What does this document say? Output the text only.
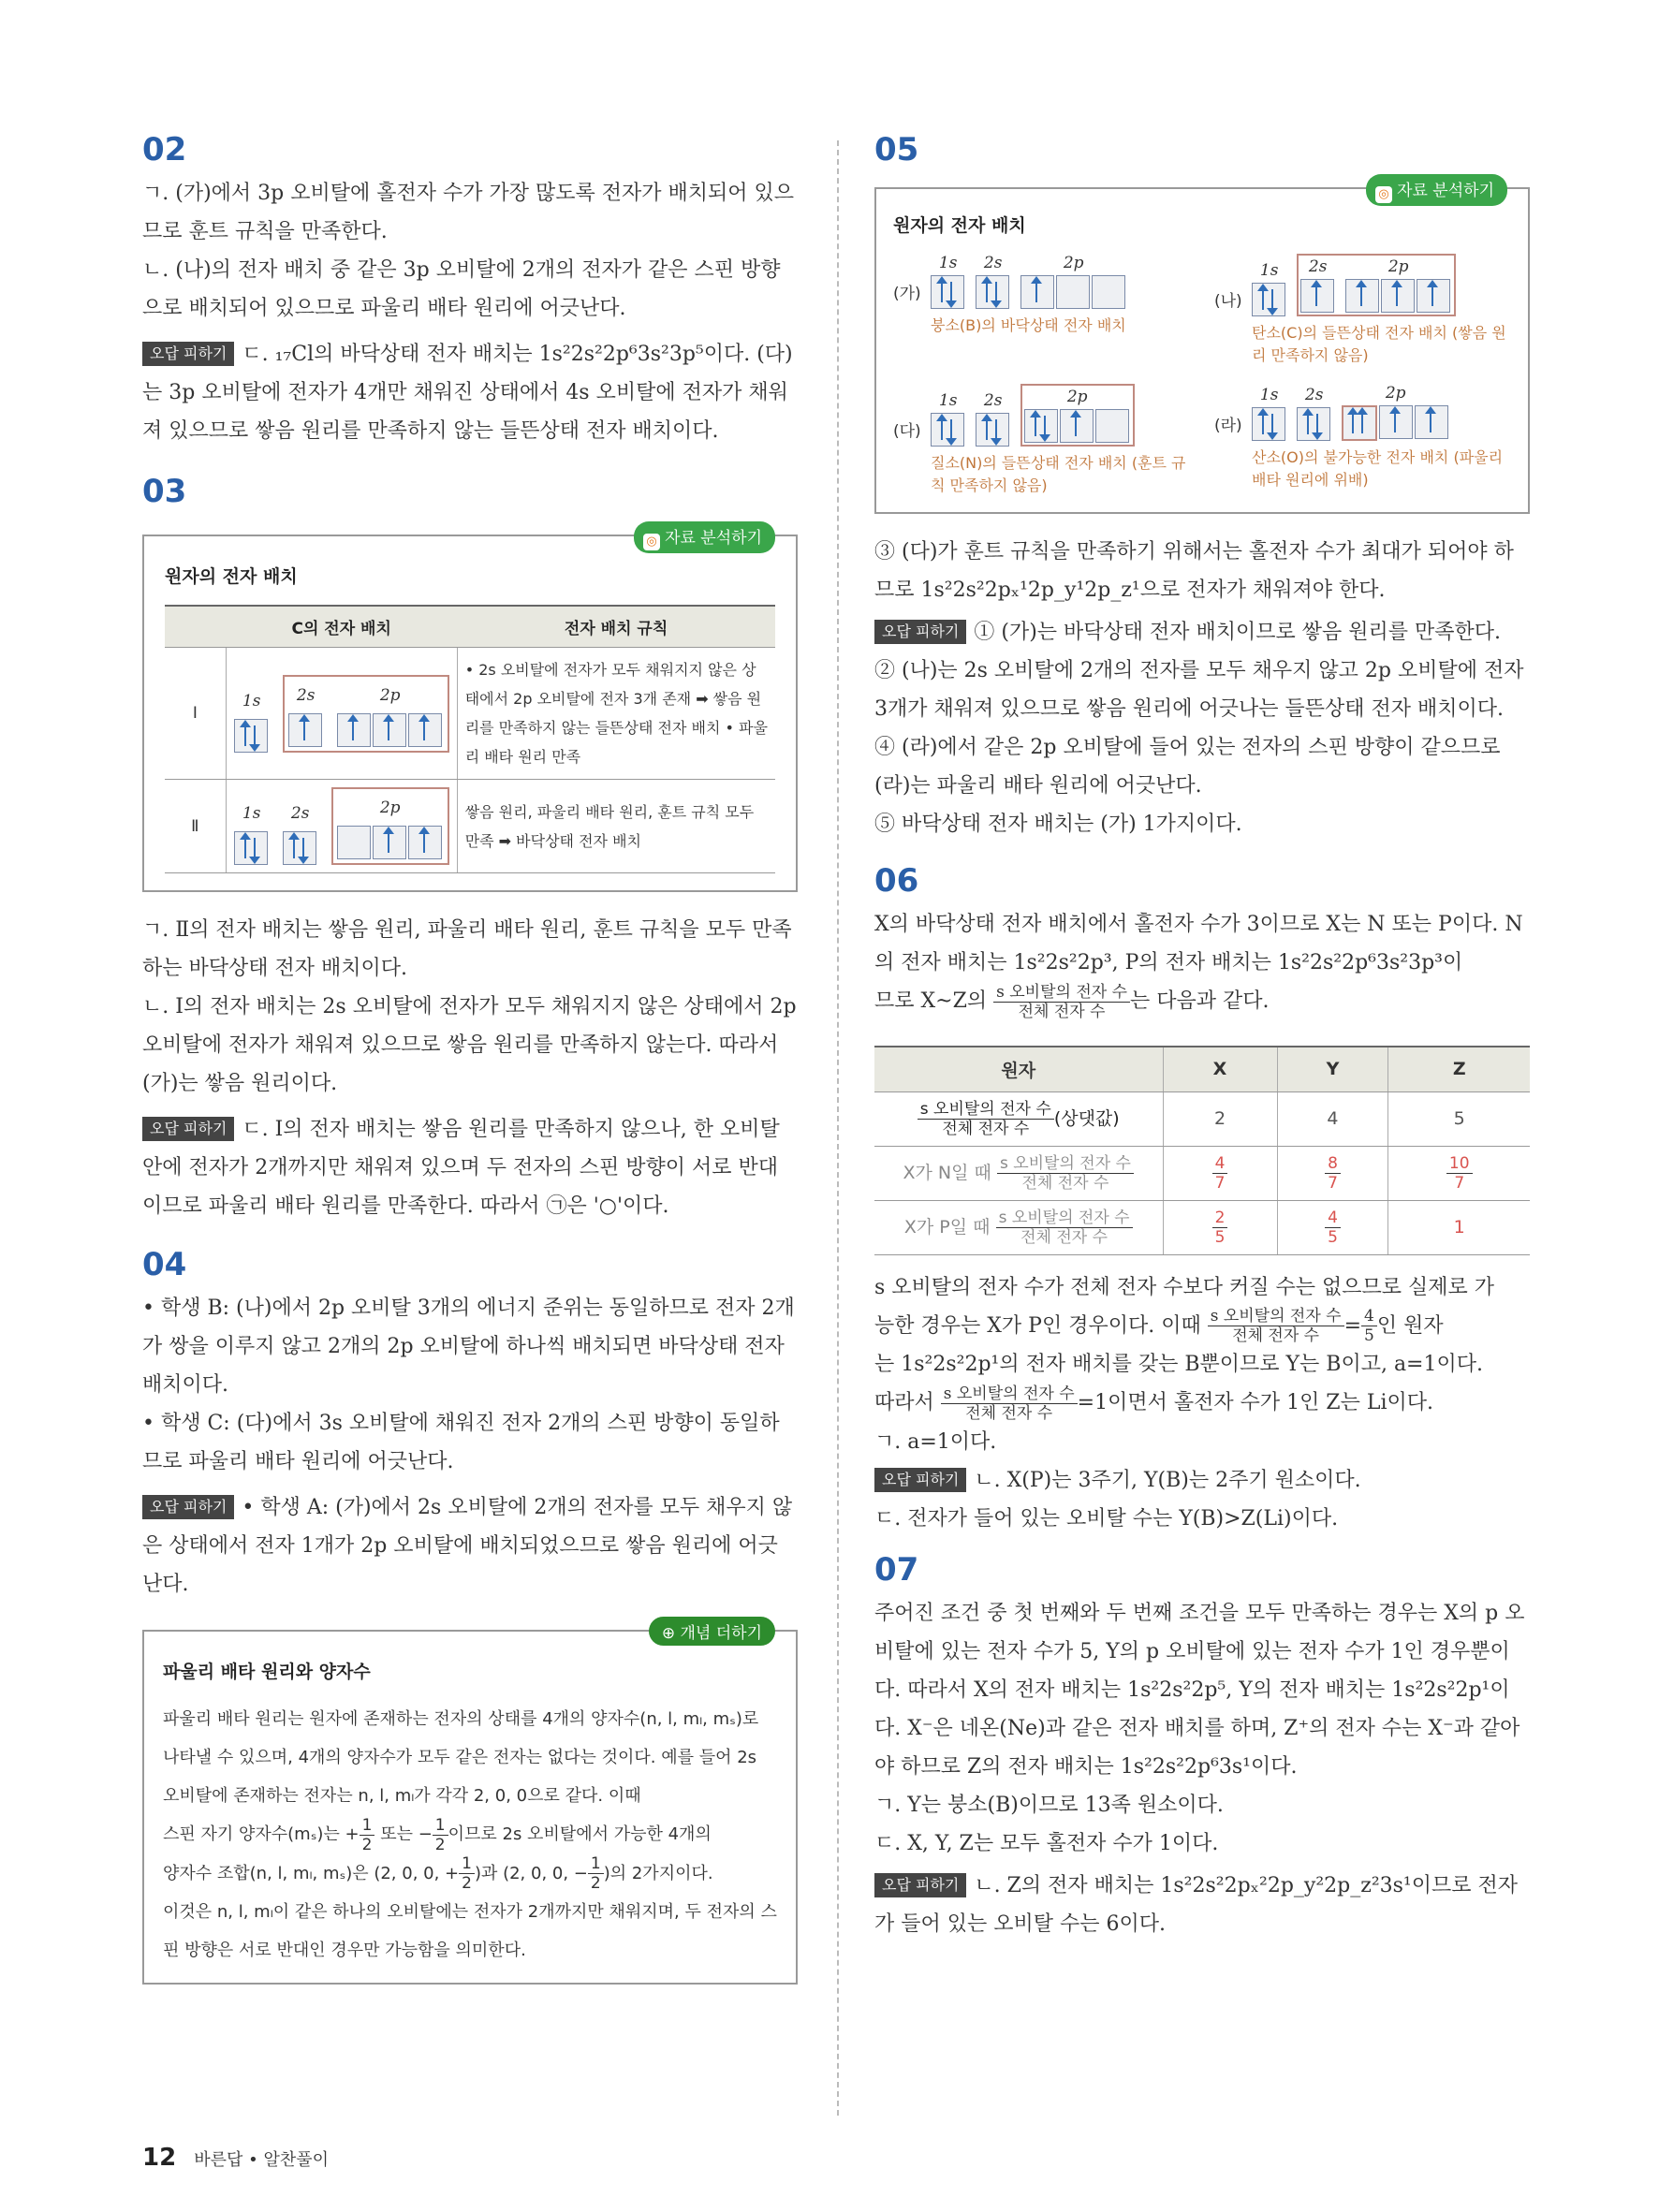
02

ㄱ. (가)에서 3p 오비탈에 홀전자 수가 가장 많도록 전자가 배치되어 있으므로 훈트 규칙을 만족한다.

ㄴ. (나)의 전자 배치 중 같은 3p 오비탈에 2개의 전자가 같은 스핀 방향으로 배치되어 있으므로 파울리 배타 원리에 어긋난다.

오답 피하기 ㄷ. ₁₇Cl의 바닥상태 전자 배치는 1s²2s²2p⁶3s²3p⁵이다. (다)는 3p 오비탈에 전자가 4개만 채워진 상태에서 4s 오비탈에 전자가 채워져 있으므로 쌓음 원리를 만족하지 않는 들뜬상태 전자 배치이다.

03
◎ 자료 분석하기
원자의 전자 배치
	C의 전자 배치	전자 배치 규칙
Ⅰ	1s 2s 2p	• 2s 오비탈에 전자가 모두 채워지지 않은 상태에서 2p 오비탈에 전자 3개 존재 ➡ 쌓음 원리를 만족하지 않는 들뜬상태 전자 배치 • 파울리 배타 원리 만족
Ⅱ	1s 2s 2p	쌓음 원리, 파울리 배타 원리, 훈트 규칙 모두 만족 ➡ 바닥상태 전자 배치

ㄱ. Ⅱ의 전자 배치는 쌓음 원리, 파울리 배타 원리, 훈트 규칙을 모두 만족하는 바닥상태 전자 배치이다.

ㄴ. Ⅰ의 전자 배치는 2s 오비탈에 전자가 모두 채워지지 않은 상태에서 2p 오비탈에 전자가 채워져 있으므로 쌓음 원리를 만족하지 않는다. 따라서 (가)는 쌓음 원리이다.

오답 피하기 ㄷ. Ⅰ의 전자 배치는 쌓음 원리를 만족하지 않으나, 한 오비탈 안에 전자가 2개까지만 채워져 있으며 두 전자의 스핀 방향이 서로 반대이므로 파울리 배타 원리를 만족한다. 따라서 ㉠은 '○'이다.

04

• 학생 B: (나)에서 2p 오비탈 3개의 에너지 준위는 동일하므로 전자 2개가 쌍을 이루지 않고 2개의 2p 오비탈에 하나씩 배치되면 바닥상태 전자 배치이다.

• 학생 C: (다)에서 3s 오비탈에 채워진 전자 2개의 스핀 방향이 동일하므로 파울리 배타 원리에 어긋난다.

오답 피하기 • 학생 A: (가)에서 2s 오비탈에 2개의 전자를 모두 채우지 않은 상태에서 전자 1개가 2p 오비탈에 배치되었으므로 쌓음 원리에 어긋난다.

⊕ 개념 더하기
파울리 배타 원리와 양자수

파울리 배타 원리는 원자에 존재하는 전자의 상태를 4개의 양자수(n, l, mₗ, mₛ)로 나타낼 수 있으며, 4개의 양자수가 모두 같은 전자는 없다는 것이다. 예를 들어 2s 오비탈에 존재하는 전자는 n, l, mₗ가 각각 2, 0, 0으로 같다. 이때

스핀 자기 양자수(mₛ)는 + $\frac{1}{2}$ 또는 − $\frac{1}{2}$ 이므로 2s 오비탈에서 가능한 4개의

양자수 조합(n, l, mₗ, mₛ)은 (2, 0, 0, + $\frac{1}{2}$ )과 (2, 0, 0, − $\frac{1}{2}$ )의 2가지이다.

이것은 n, l, mₗ이 같은 하나의 오비탈에는 전자가 2개까지만 채워지며, 두 전자의 스핀 방향은 서로 반대인 경우만 가능함을 의미한다.

05
◎ 자료 분석하기
원자의 전자 배치
(가)
1s 2s	2p
붕소(B)의 바닥상태 전자 배치
(나)
1s 2s	2p
탄소(C)의 들뜬상태 전자 배치 (쌓음 원리 만족하지 않음)
(다)
1s 2s	2p
질소(N)의 들뜬상태 전자 배치 (훈트 규칙 만족하지 않음)
(라)
1s 2s	2p
산소(O)의 불가능한 전자 배치 (파울리 배타 원리에 위배)

③ (다)가 훈트 규칙을 만족하기 위해서는 홀전자 수가 최대가 되어야 하므로 1s²2s²2pₓ¹2p_y¹2p_z¹으로 전자가 채워져야 한다.

오답 피하기 ① (가)는 바닥상태 전자 배치이므로 쌓음 원리를 만족한다.

② (나)는 2s 오비탈에 2개의 전자를 모두 채우지 않고 2p 오비탈에 전자 3개가 채워져 있으므로 쌓음 원리에 어긋나는 들뜬상태 전자 배치이다.

④ (라)에서 같은 2p 오비탈에 들어 있는 전자의 스핀 방향이 같으므로 (라)는 파울리 배타 원리에 어긋난다.

⑤ 바닥상태 전자 배치는 (가) 1가지이다.

06

X의 바닥상태 전자 배치에서 홀전자 수가 3이므로 X는 N 또는 P이다. N의 전자 배치는 1s²2s²2p³, P의 전자 배치는 1s²2s²2p⁶3s²3p³이

므로 X~Z의 s 오비탈의 전자 수
전체 전자 수	는 다음과 같다.

원자	X	Y	Z

s 오비탈의 전자 수
전체 전자 수 (상댓값)	2	4	5
X가 N일 때 s 오비탈의 전자 수
전체 전자 수	$\frac{4}{7}$	$\frac{8}{7}$	$\frac{10}{7}$

X가 P일 때 s 오비탈의 전자 수
전체 전자 수	$\frac{2}{5}$	$\frac{4}{5}$	1

s 오비탈의 전자 수가 전체 전자 수보다 커질 수는 없으므로 실제로 가

능한 경우는 X가 P인 경우이다. 이때 s 오비탈의 전자 수
전체 전자 수	= $\frac{4}{5}$ 인 원자

는 1s²2s²2p¹의 전자 배치를 갖는 B뿐이므로 Y는 B이고, a=1이다.

따라서 s 오비탈의 전자 수
전체 전자 수	=1이면서 홀전자 수가 1인 Z는 Li이다.

ㄱ. a=1이다.

오답 피하기 ㄴ. X(P)는 3주기, Y(B)는 2주기 원소이다.

ㄷ. 전자가 들어 있는 오비탈 수는 Y(B)>Z(Li)이다.

07

주어진 조건 중 첫 번째와 두 번째 조건을 모두 만족하는 경우는 X의 p 오비탈에 있는 전자 수가 5, Y의 p 오비탈에 있는 전자 수가 1인 경우뿐이다. 따라서 X의 전자 배치는 1s²2s²2p⁵, Y의 전자 배치는 1s²2s²2p¹이다. X⁻은 네온(Ne)과 같은 전자 배치를 하며, Z⁺의 전자 수는 X⁻과 같아야 하므로 Z의 전자 배치는 1s²2s²2p⁶3s¹이다.

ㄱ. Y는 붕소(B)이므로 13족 원소이다.

ㄷ. X, Y, Z는 모두 홀전자 수가 1이다.

오답 피하기 ㄴ. Z의 전자 배치는 1s²2s²2pₓ²2p_y²2p_z²3s¹이므로 전자가 들어 있는 오비탈 수는 6이다.

12 바른답 • 알찬풀이
